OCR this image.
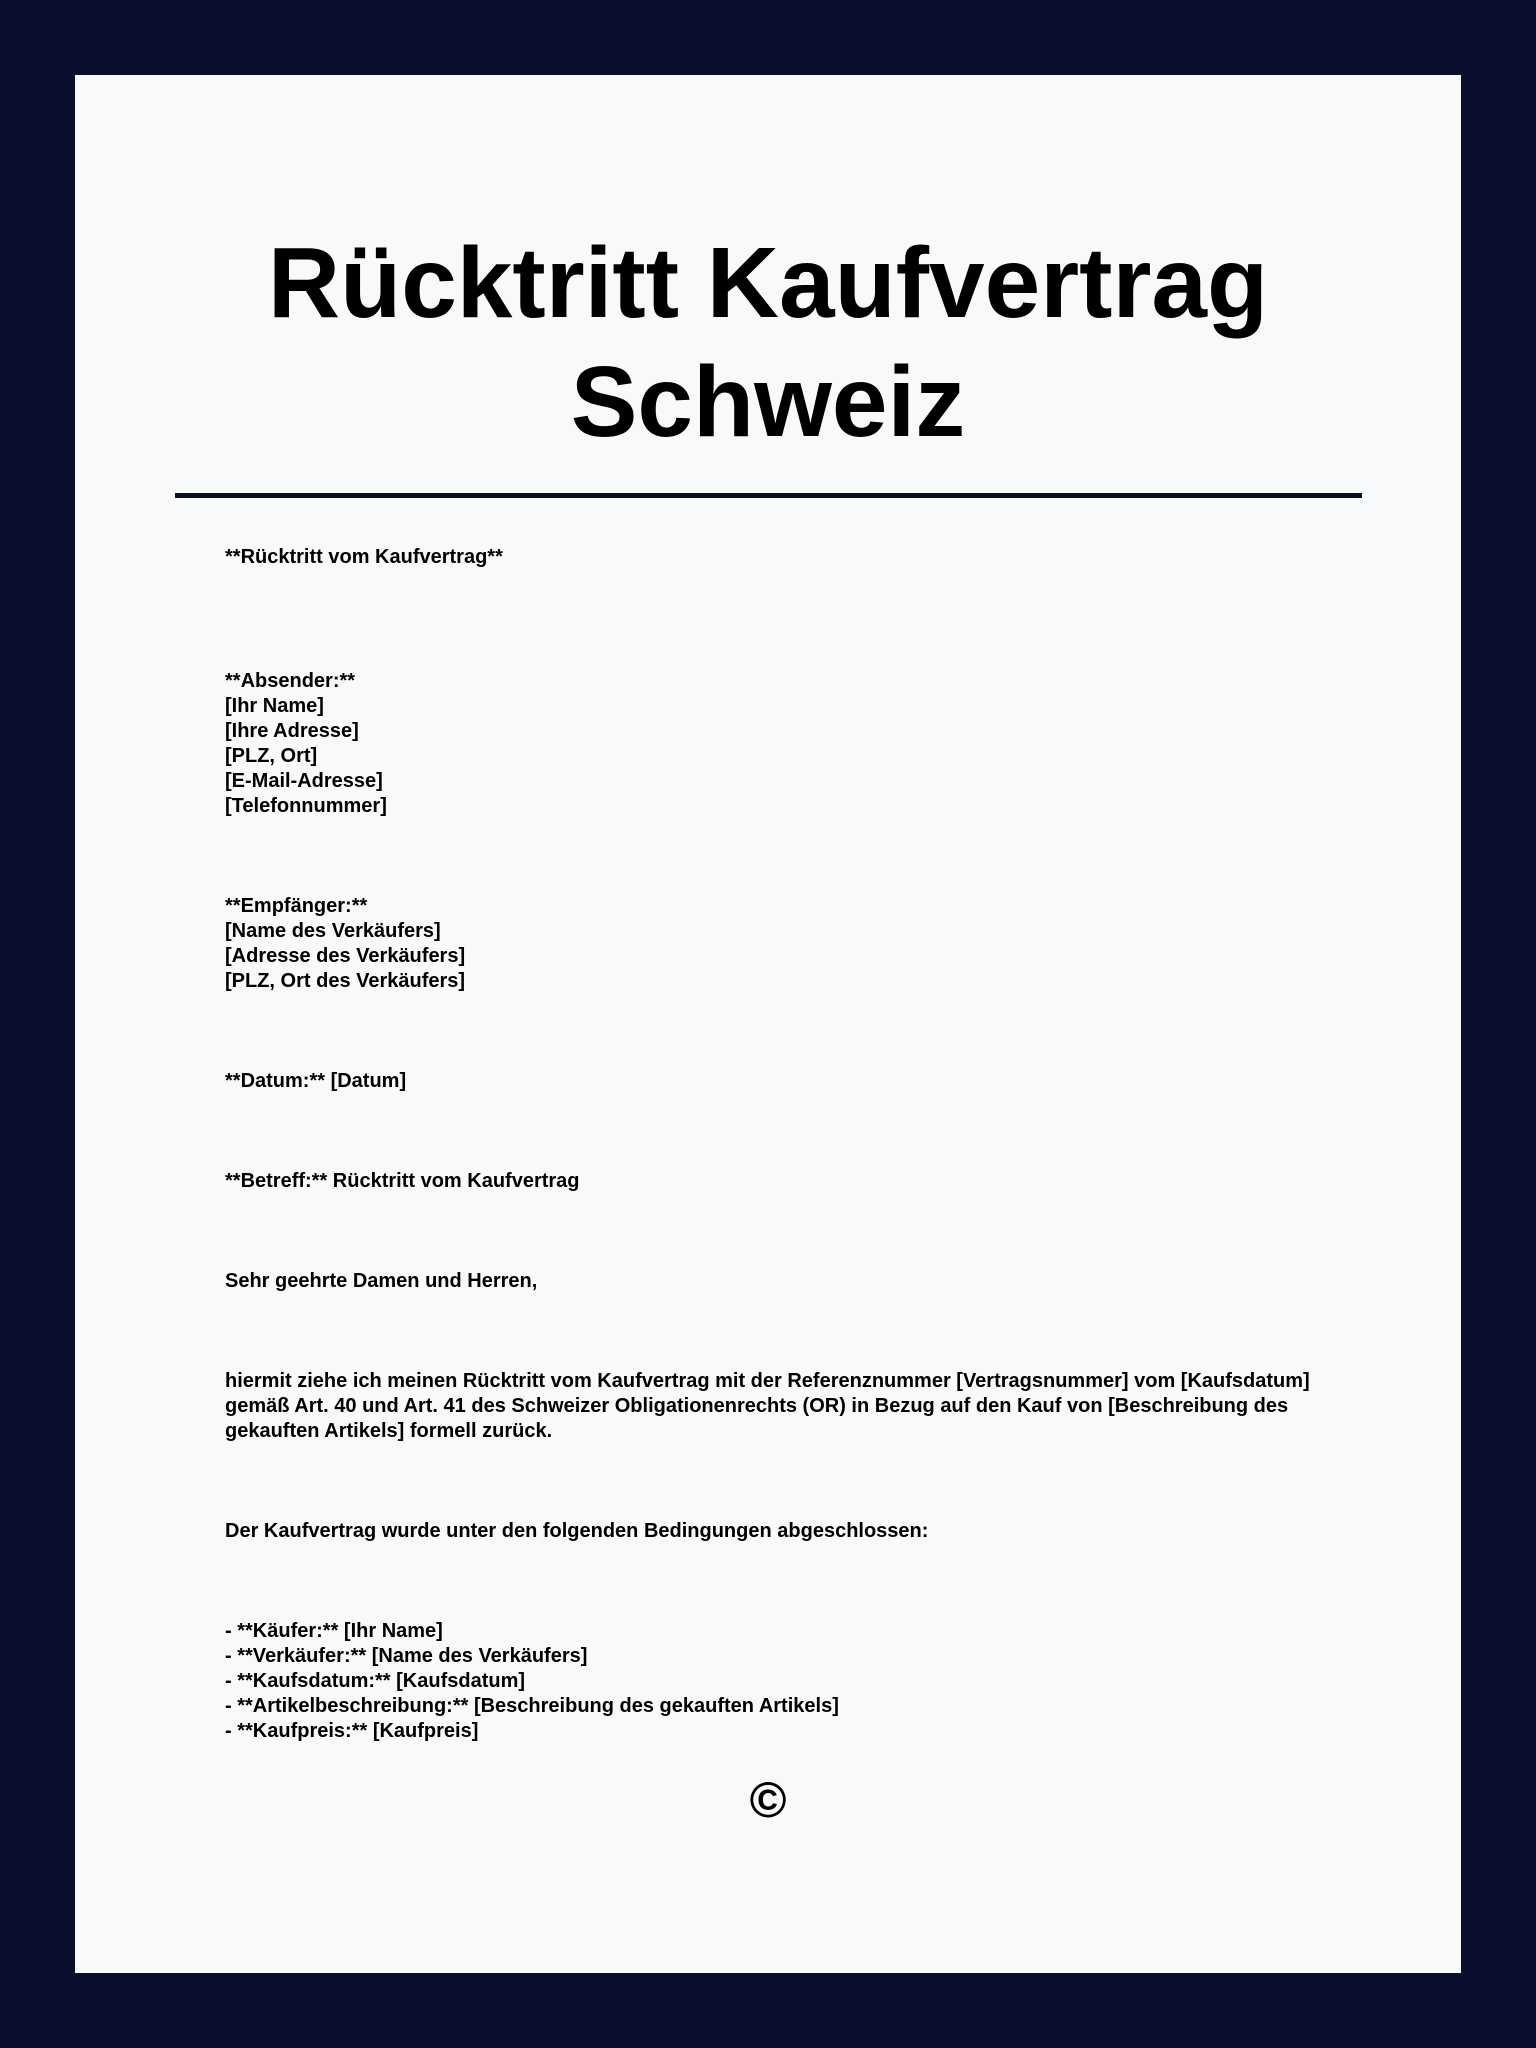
Rücktritt Kaufvertrag
Schweiz

**Rücktritt vom Kaufvertrag**

**Absender:**
[Ihr Name]
[Ihre Adresse]
[PLZ, Ort]
[E-Mail-Adresse]
[Telefonnummer]
**Empfänger:**
[Name des Verkäufers]
[Adresse des Verkäufers]
[PLZ, Ort des Verkäufers]

**Datum:** [Datum]

**Betreff:** Rücktritt vom Kaufvertrag

Sehr geehrte Damen und Herren,

hiermit ziehe ich meinen Rücktritt vom Kaufvertrag mit der Referenznummer [Vertragsnummer] vom [Kaufsdatum]
gemäß Art. 40 und Art. 41 des Schweizer Obligationenrechts (OR) in Bezug auf den Kauf von [Beschreibung des
gekauften Artikels] formell zurück.

Der Kaufvertrag wurde unter den folgenden Bedingungen abgeschlossen:

- **Käufer:** [Ihr Name]
- **Verkäufer:** [Name des Verkäufers]
- **Kaufsdatum:** [Kaufsdatum]
- **Artikelbeschreibung:** [Beschreibung des gekauften Artikels]
- **Kaufpreis:** [Kaufpreis]
©
